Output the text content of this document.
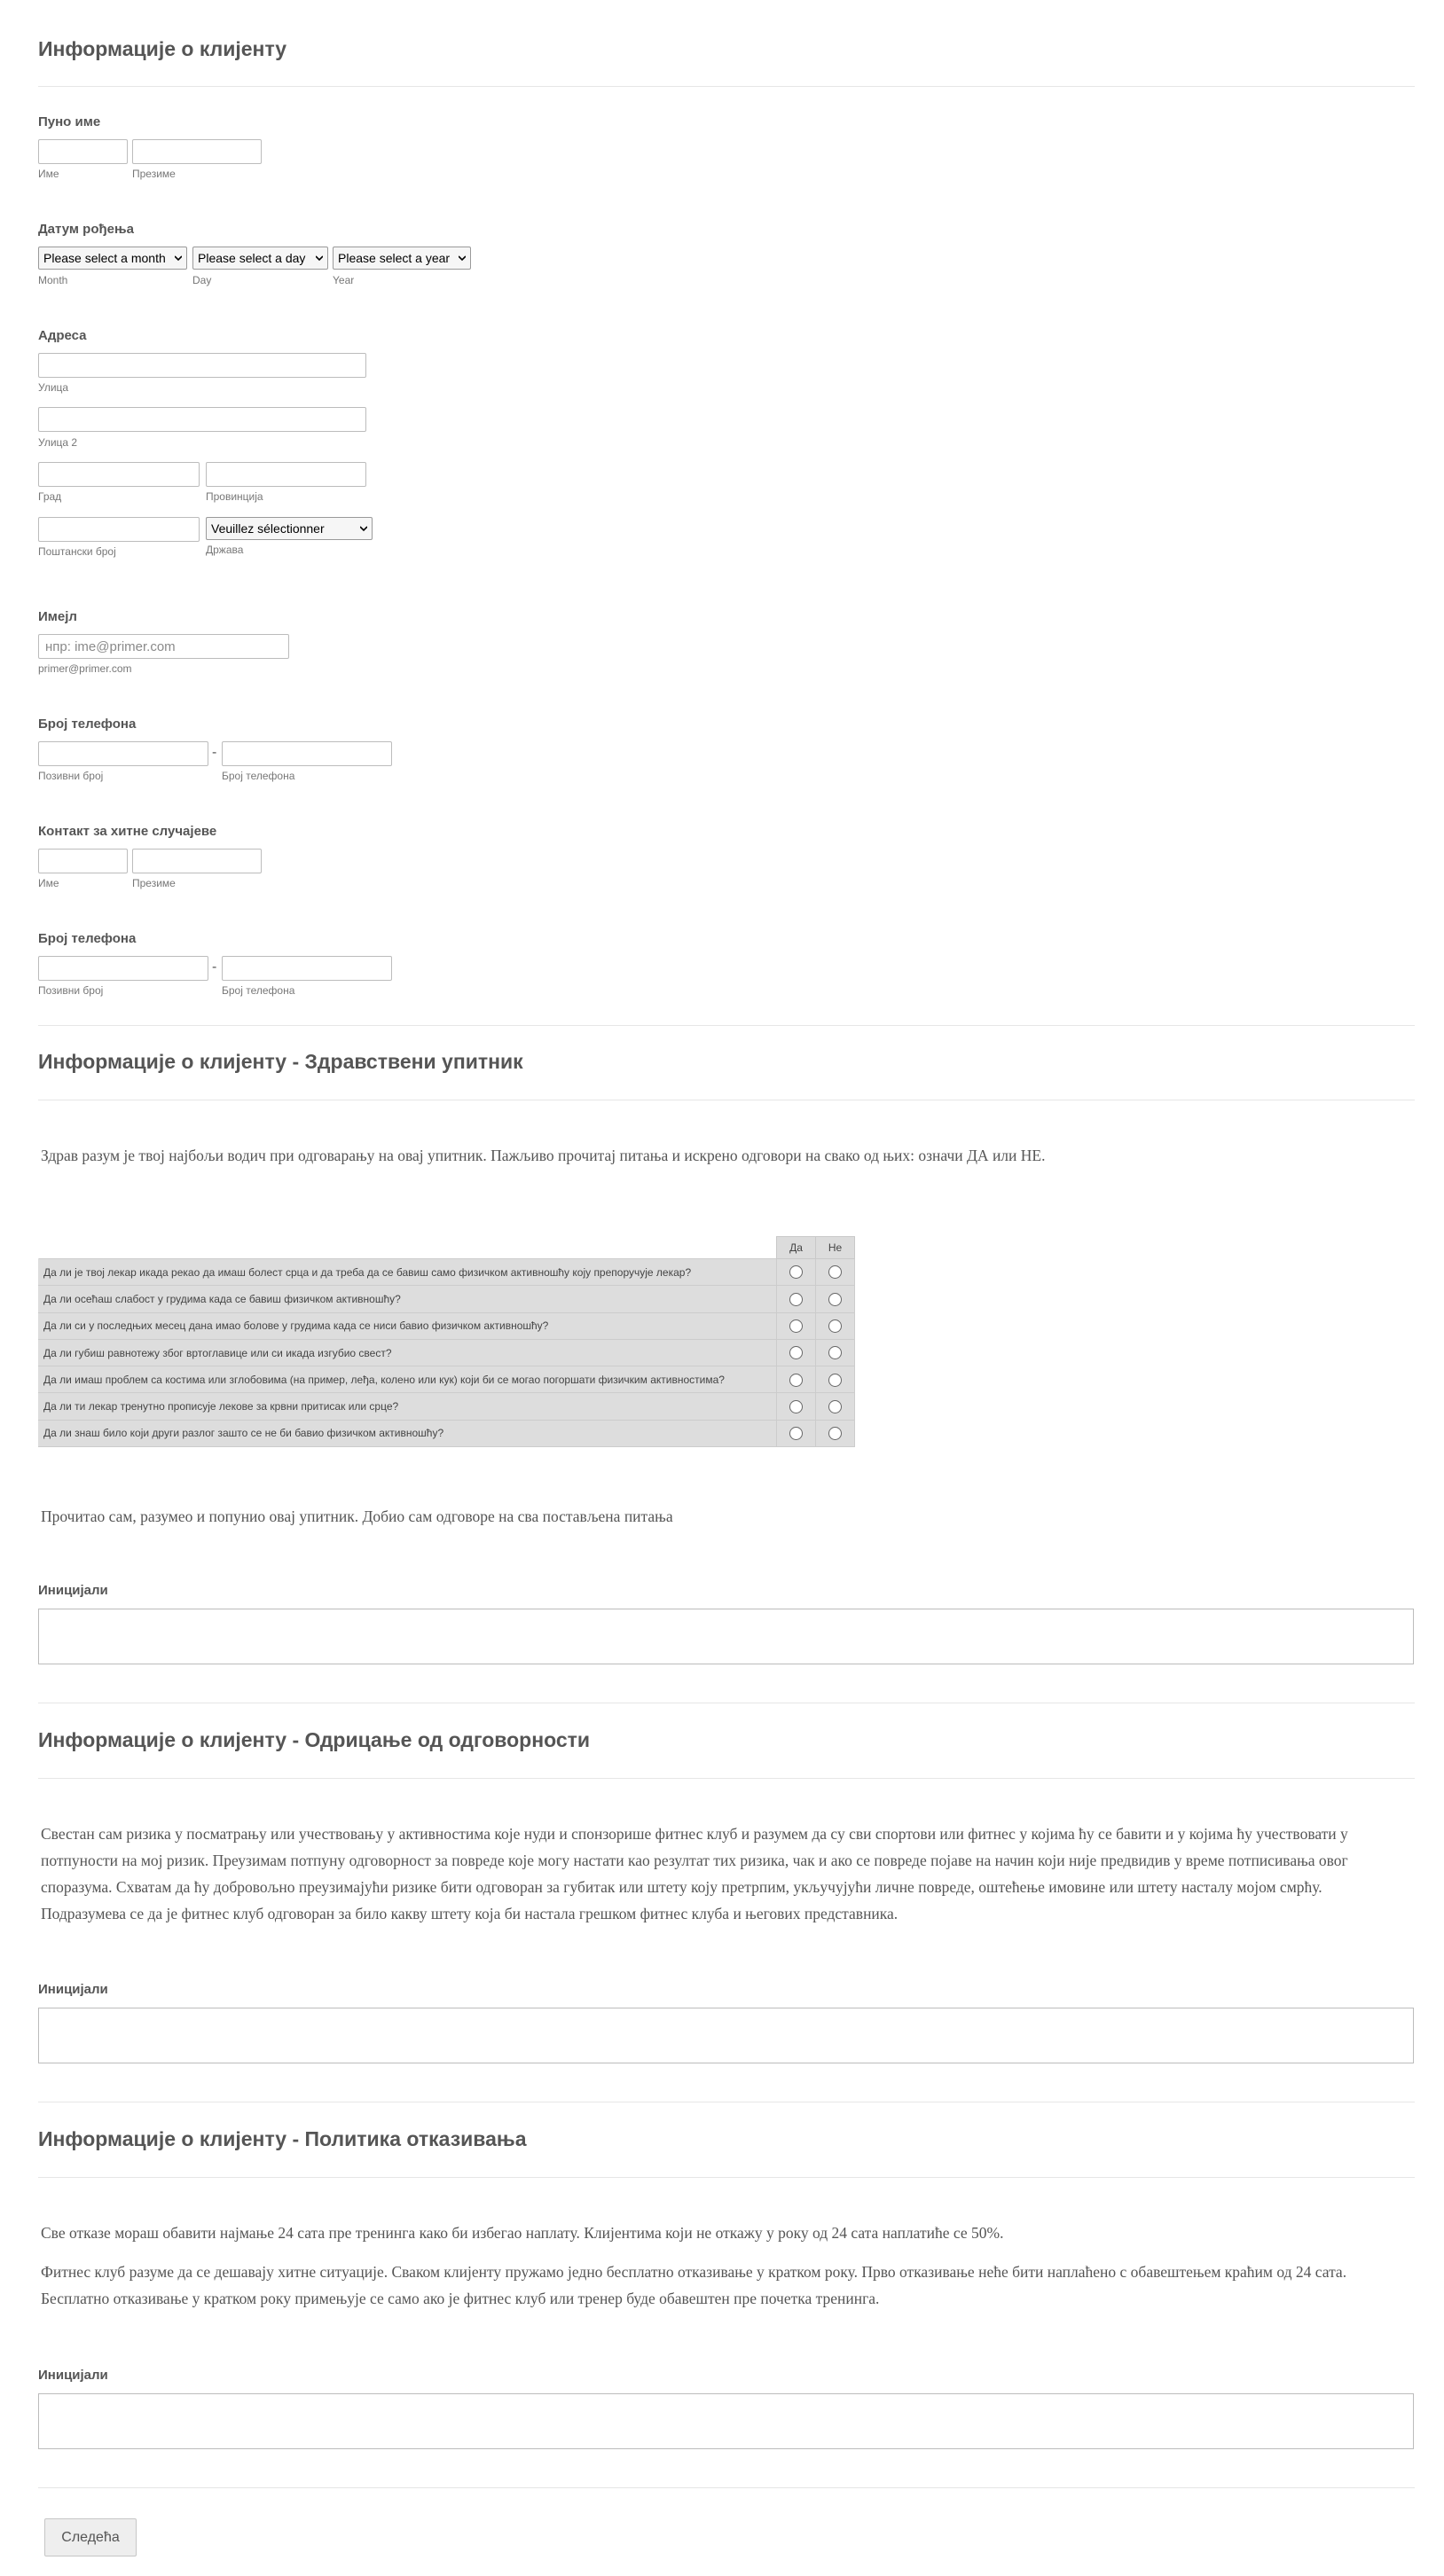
Информације о клијенту
Пуно име
Име	Презиме
Датум рођења
Please select a month	Please select a day	Please select a year
Month	Day	Year
Адреса
Улица
Улица 2
Град	Провинција
Veuillez sélectionner
Поштански број	Држава
Имејл
нпр: ime@primer.com
primer@primer.com
Број телефона
-
Позивни број	Број телефона
Контакт за хитне случајеве
Име	Презиме
Број телефона
-
Позивни број	Број телефона
Информације о клијенту - Здравствени упитник
Здрав разум је твој најбољи водич при одговарању на овај упитник. Пажљиво прочитај питања и искрено одговори на свако од њих: означи ДА или НЕ.
	Да	Не
Да ли је твој лекар икада рекао да имаш болест срца и да треба да се бавиш само физичком активношћу коју препоручује лекар?		
Да ли осећаш слабост у грудима када се бавиш физичком активношћу?		
Да ли си у последњих месец дана имао болове у грудима када се ниси бавио физичком активношћу?		
Да ли губиш равнотежу због вртоглавице или си икада изгубио свест?		
Да ли имаш проблем са костима или зглобовима (на пример, леђа, колено или кук) који би се могао погоршати физичким активностима?		
Да ли ти лекар тренутно прописује лекове за крвни притисак или срце?		
Да ли знаш било који други разлог зашто се не би бавио физичком активношћу?		
Прочитао сам, разумео и попунио овај упитник. Добио сам одговоре на сва постављена питања
Иницијали
Информације о клијенту - Одрицање од одговорности
Свестан сам ризика у посматрању или учествовању у активностима које нуди и спонзорише фитнес клуб и разумем да су сви спортови или фитнес у којима ћу се бавити и у којима ћу учествовати у потпуности на мој ризик. Преузимам потпуну одговорност за повреде које могу настати као резултат тих ризика, чак и ако се повреде појаве на начин који није предвидив у време потписивања овог споразума. Схватам да ћу добровољно преузимајући ризике бити одговоран за губитак или штету коју претрпим, укључујући личне повреде, оштећење имовине или штету насталу мојом смрћу. Подразумева се да је фитнес клуб одговоран за било какву штету која би настала грешком фитнес клуба и његових представника.
Иницијали
Информације о клијенту - Политика отказивања
Све отказе мораш обавити најмање 24 сата пре тренинга како би избегао наплату. Клијентима који не откажу у року од 24 сата наплатиће се 50%.
Фитнес клуб разуме да се дешавају хитне ситуације. Сваком клијенту пружамо једно бесплатно отказивање у кратком року. Прво отказивање неће бити наплаћено с обавештењем краћим од 24 сата. Бесплатно отказивање у кратком року примењује се само ако је фитнес клуб или тренер буде обавештен пре почетка тренинга.
Иницијали
Следећа
